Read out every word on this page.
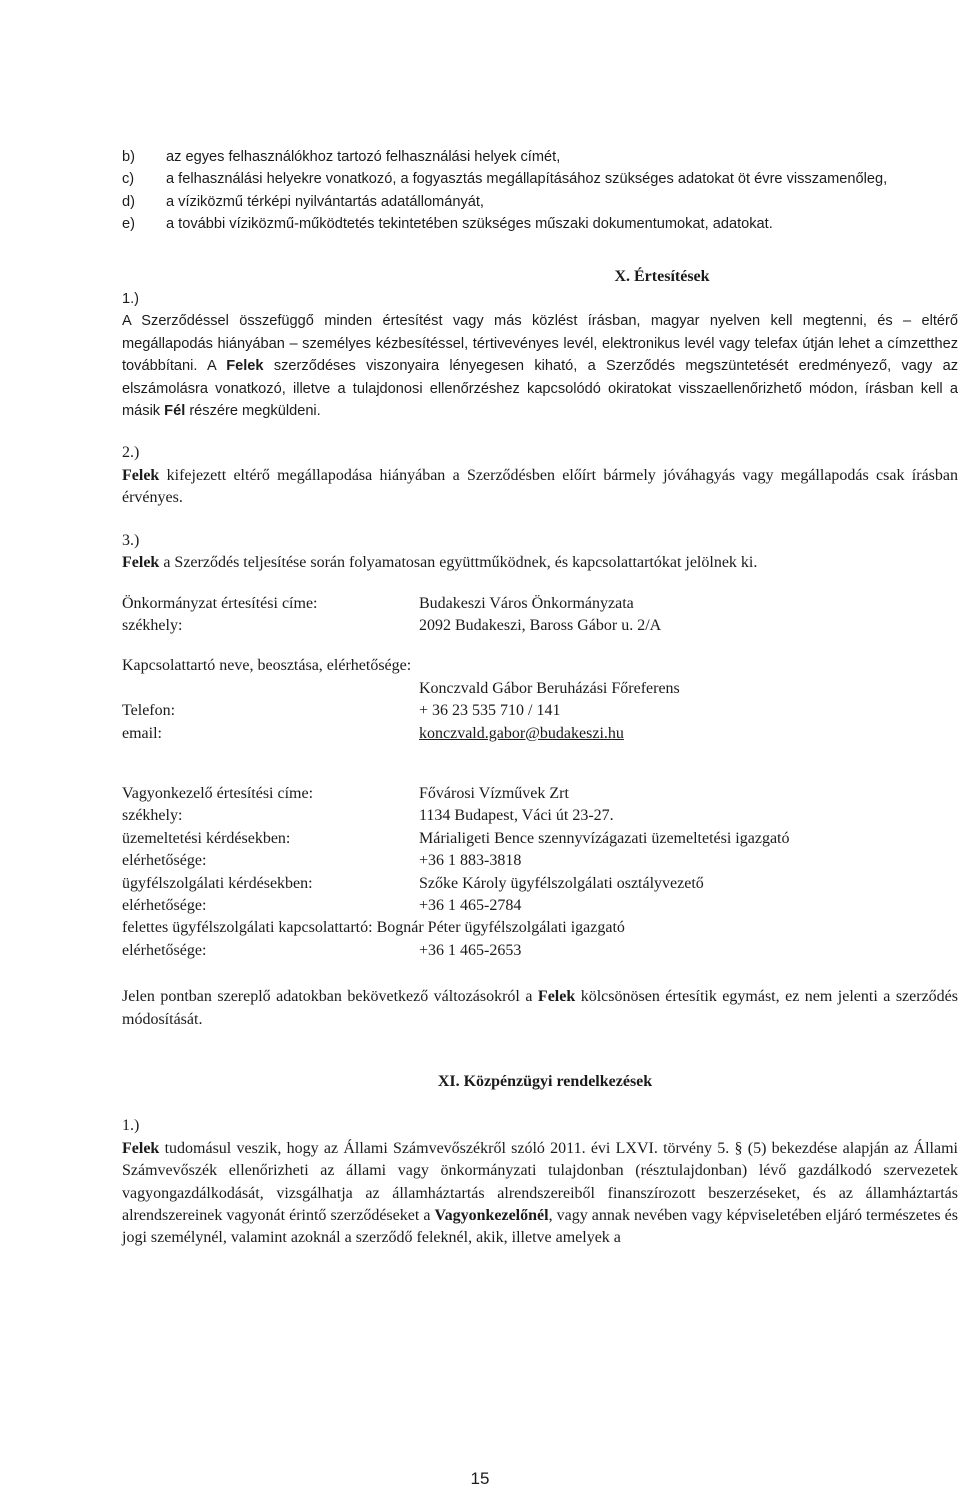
b)	az egyes felhasználókhoz tartozó felhasználási helyek címét,
c)	a felhasználási helyekre vonatkozó, a fogyasztás megállapításához szükséges adatokat öt évre visszamenőleg,
d)	a víziközmű térképi nyilvántartás adatállományát,
e)	a további víziközmű-működtetés tekintetében szükséges műszaki dokumentumokat, adatokat.
X. Értesítések
1.)

A Szerződéssel összefüggő minden értesítést vagy más közlést írásban, magyar nyelven kell megtenni, és – eltérő megállapodás hiányában – személyes kézbesítéssel, tértivevényes levél, elektronikus levél vagy telefax útján lehet a címzetthez továbbítani. A Felek szerződéses viszonyaira lényegesen kiható, a Szerződés megszüntetését eredményező, vagy az elszámolásra vonatkozó, illetve a tulajdonosi ellenőrzéshez kapcsolódó okiratokat visszaellenőrizhető módon, írásban kell a másik Fél részére megküldeni.

2.)

Felek kifejezett eltérő megállapodása hiányában a Szerződésben előírt bármely jóváhagyás vagy megállapodás csak írásban érvényes.

3.)

Felek a Szerződés teljesítése során folyamatosan együttműködnek, és kapcsolattartókat jelölnek ki.

Önkormányzat értesítési címe:	Budakeszi Város Önkormányzata
székhely:	2092 Budakeszi, Baross Gábor u. 2/A
Kapcsolattartó neve, beosztása, elérhetősége:
Konczvald Gábor Beruházási Főreferens
Telefon:	+ 36 23 535 710 / 141
email:	konczvald.gabor@budakeszi.hu
Vagyonkezelő értesítési címe:	Fővárosi Vízművek Zrt
székhely:	1134 Budapest, Váci út 23-27.
üzemeltetési kérdésekben:	Márialigeti Bence szennyvízágazati üzemeltetési igazgató
elérhetősége:	+36 1 883-3818
ügyfélszolgálati kérdésekben:	Szőke Károly ügyfélszolgálati osztályvezető
elérhetősége:	+36 1 465-2784
felettes ügyfélszolgálati kapcsolattartó: Bognár Péter ügyfélszolgálati igazgató
elérhetősége:	+36 1 465-2653

Jelen pontban szereplő adatokban bekövetkező változásokról a Felek kölcsönösen értesítik egymást, ez nem jelenti a szerződés módosítását.

XI. Közpénzügyi rendelkezések
1.)

Felek tudomásul veszik, hogy az Állami Számvevőszékről szóló 2011. évi LXVI. törvény 5. § (5) bekezdése alapján az Állami Számvevőszék ellenőrizheti az állami vagy önkormányzati tulajdonban (résztulajdonban) lévő gazdálkodó szervezetek vagyongazdálkodását, vizsgálhatja az államháztartás alrendszereiből finanszírozott beszerzéseket, és az államháztartás alrendszereinek vagyonát érintő szerződéseket a Vagyonkezelőnél, vagy annak nevében vagy képviseletében eljáró természetes és jogi személynél, valamint azoknál a szerződő feleknél, akik, illetve amelyek a

15
